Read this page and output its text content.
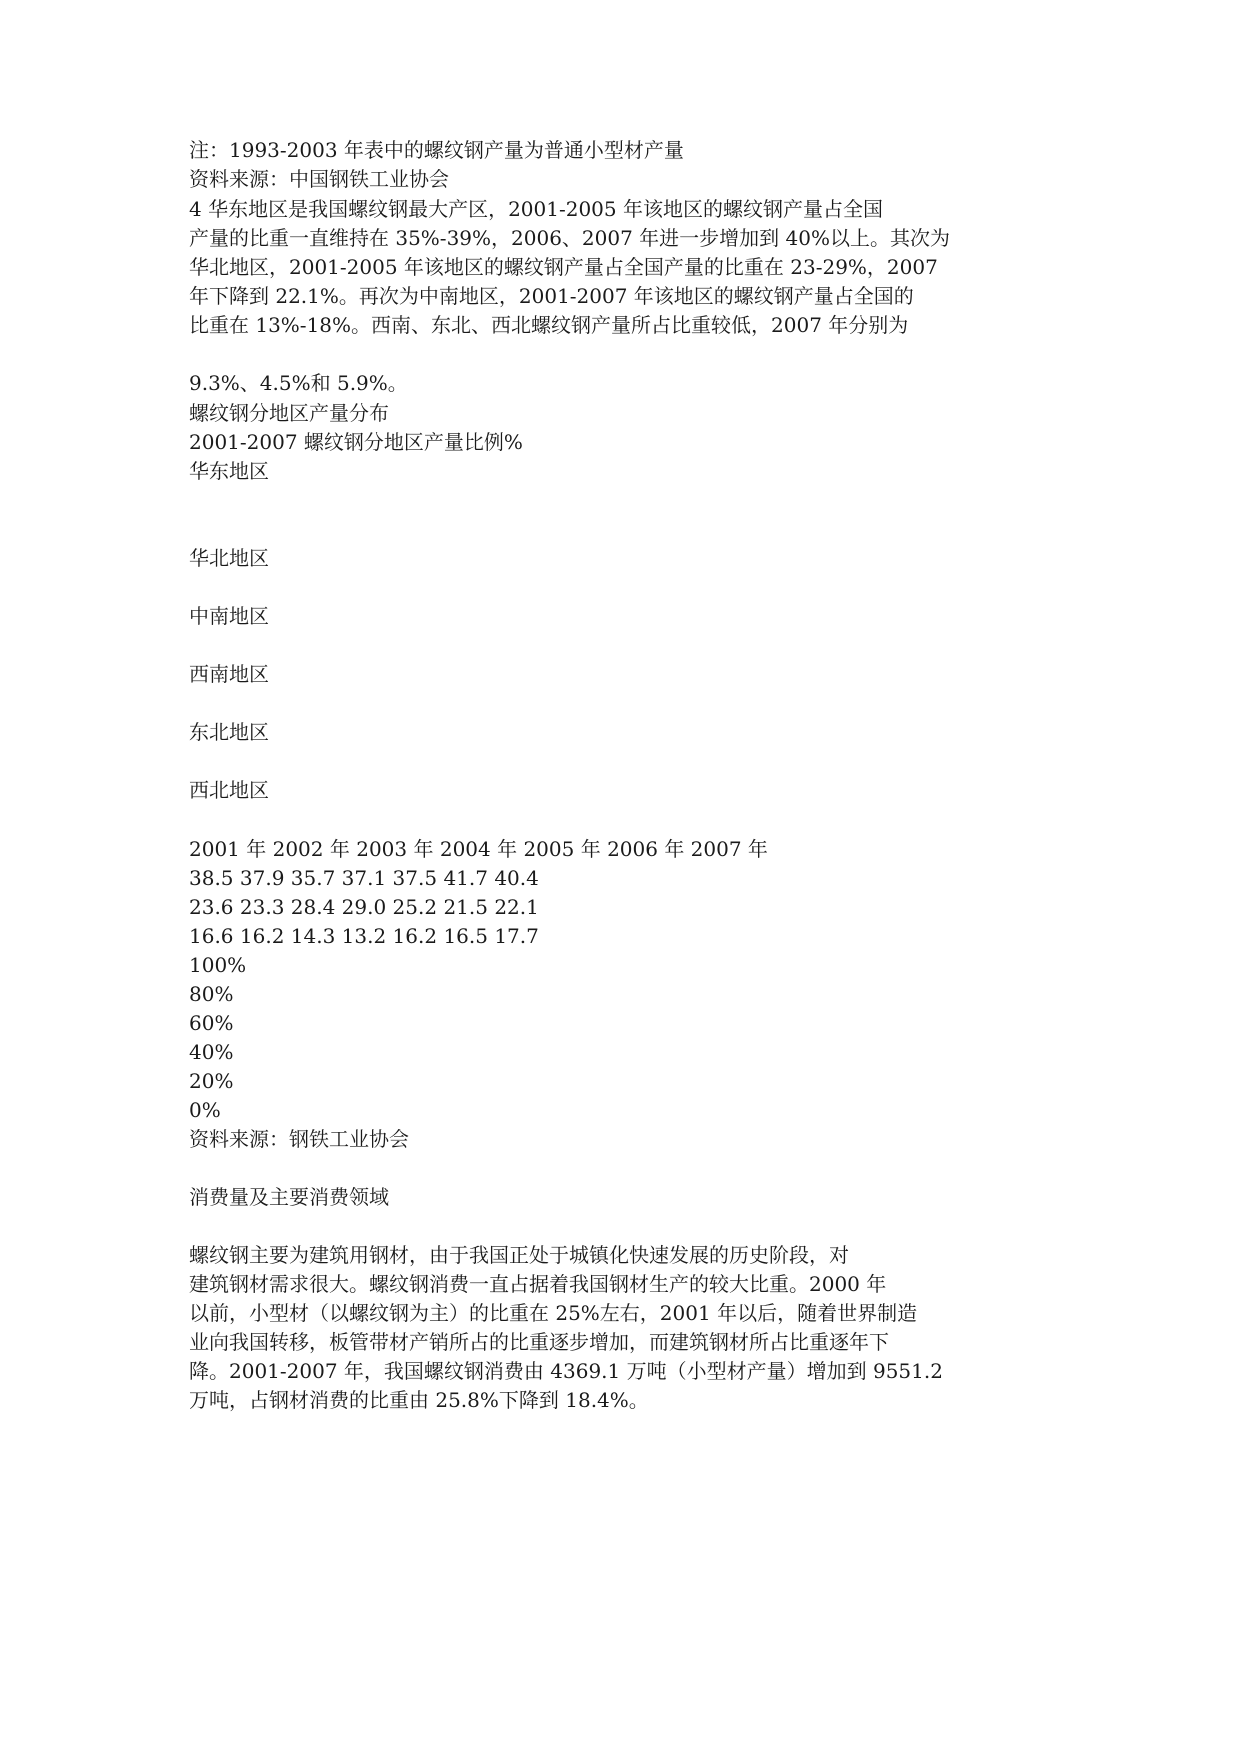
注：1993-2003 年表中的螺纹钢产量为普通小型材产量
资料来源：中国钢铁工业协会
4 华东地区是我国螺纹钢最大产区，2001-2005 年该地区的螺纹钢产量占全国
产量的比重一直维持在 35%-39%，2006、2007 年进一步增加到 40%以上。其次为
华北地区，2001-2005 年该地区的螺纹钢产量占全国产量的比重在 23-29%，2007
年下降到 22.1%。再次为中南地区，2001-2007 年该地区的螺纹钢产量占全国的
比重在 13%-18%。西南、东北、西北螺纹钢产量所占比重较低，2007 年分别为
9.3%、4.5%和 5.9%。
螺纹钢分地区产量分布
2001-2007 螺纹钢分地区产量比例%
华东地区
华北地区
中南地区
西南地区
东北地区
西北地区
2001 年 2002 年 2003 年 2004 年 2005 年 2006 年 2007 年
38.5 37.9 35.7 37.1 37.5 41.7 40.4
23.6 23.3 28.4 29.0 25.2 21.5 22.1
16.6 16.2 14.3 13.2 16.2 16.5 17.7
100%
80%
60%
40%
20%
0%
资料来源：钢铁工业协会
消费量及主要消费领域
螺纹钢主要为建筑用钢材，由于我国正处于城镇化快速发展的历史阶段，对
建筑钢材需求很大。螺纹钢消费一直占据着我国钢材生产的较大比重。2000 年
以前，小型材（以螺纹钢为主）的比重在 25%左右，2001 年以后，随着世界制造
业向我国转移，板管带材产销所占的比重逐步增加，而建筑钢材所占比重逐年下
降。2001-2007 年，我国螺纹钢消费由 4369.1 万吨（小型材产量）增加到 9551.2
万吨，占钢材消费的比重由 25.8%下降到 18.4%。
